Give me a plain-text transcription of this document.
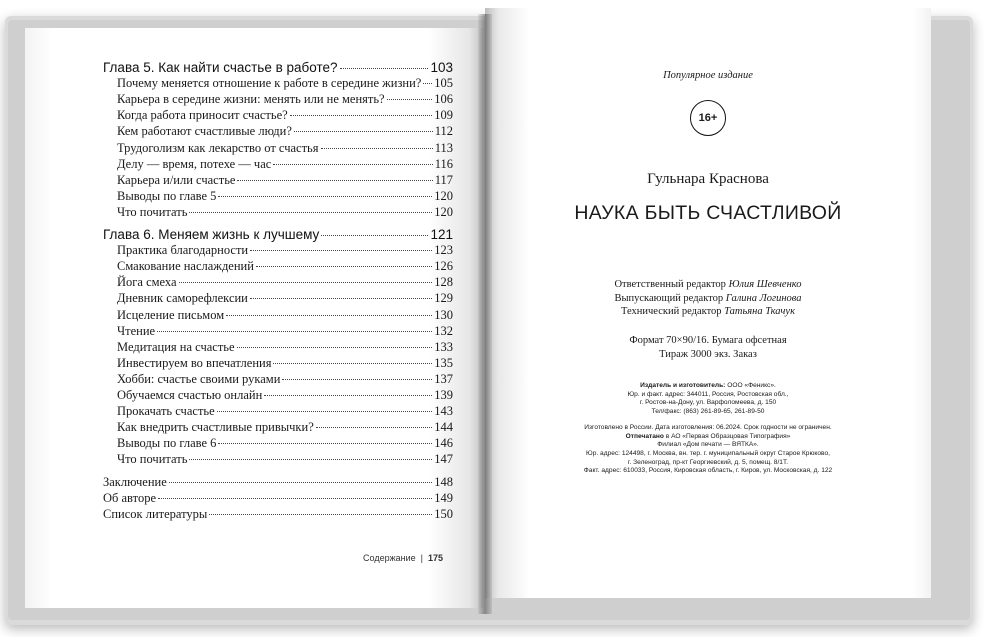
Глава 5. Как найти счастье в работе?	103
Почему меняется отношение к работе в середине жизни? 105
Карьера в середине жизни: менять или не менять?	106
Когда работа приносит счастье?	109
Кем работают счастливые люди?	112
Трудоголизм как лекарство от счастья	113
Делу — время, потехе — час	116
Карьера и/или счастье	117
Выводы по главе 5	120
Что почитать	120
Глава 6. Меняем жизнь к лучшему	121
Практика благодарности	123
Смакование наслаждений	126
Йога смеха	128
Дневник саморефлексии	129
Исцеление письмом	130
Чтение	132
Медитация на счастье	133
Инвестируем во впечатления	135
Хобби: счастье своими руками	137
Обучаемся счастью онлайн	139
Прокачать счастье	143
Как внедрить счастливые привычки?	144
Выводы по главе 6	146
Что почитать	147
Заключение	148
Об авторе	149
Список литературы	150
Содержание | 175
Популярное издание
16+
Гульнара Краснова
НАУКА БЫТЬ СЧАСТЛИВОЙ
Ответственный редактор Юлия Шевченко
Выпускающий редактор Галина Логинова
Технический редактор Татьяна Ткачук
Формат 70×90/16. Бумага офсетная
Тираж 3000 экз. Заказ
Издатель и изготовитель: ООО «Феникс».
Юр. и факт. адрес: 344011, Россия, Ростовская обл.,
г. Ростов-на-Дону, ул. Варфоломеева, д. 150
Тел/факс: (863) 261-89-65, 261-89-50
Изготовлено в России. Дата изготовления: 06.2024. Срок годности не ограничен.
Отпечатано в АО «Первая Образцовая Типография»
Филиал «Дом печати — ВЯТКА».
Юр. адрес: 124498, г. Москва, вн. тер. г. муниципальный округ Старое Крюково,
г. Зеленоград, пр-кт Георгиевский, д. 5, помещ. 8/1Т.
Факт. адрес: 610033, Россия, Кировская область, г. Киров, ул. Московская, д. 122
